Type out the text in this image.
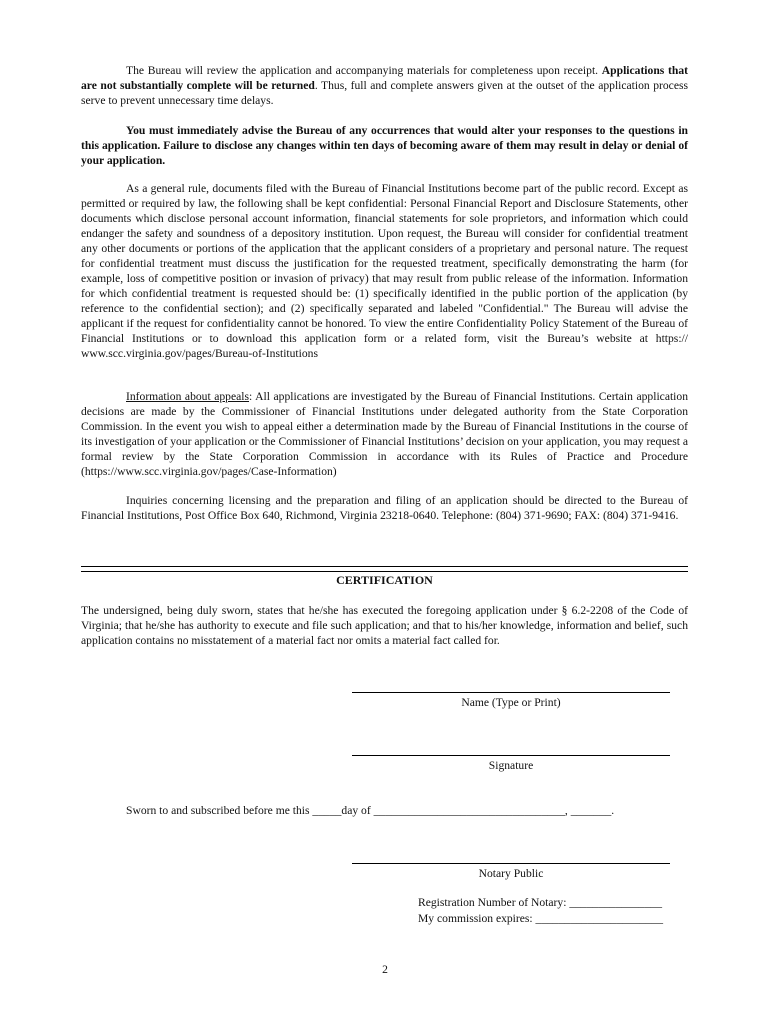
The Bureau will review the application and accompanying materials for completeness upon receipt. Applications that are not substantially complete will be returned. Thus, full and complete answers given at the outset of the application process serve to prevent unnecessary time delays.

You must immediately advise the Bureau of any occurrences that would alter your responses to the questions in this application. Failure to disclose any changes within ten days of becoming aware of them may result in delay or denial of your application.

As a general rule, documents filed with the Bureau of Financial Institutions become part of the public record. Except as permitted or required by law, the following shall be kept confidential: Personal Financial Report and Disclosure Statements, other documents which disclose personal account information, financial statements for sole proprietors, and information which could endanger the safety and soundness of a depository institution. Upon request, the Bureau will consider for confidential treatment any other documents or portions of the application that the applicant considers of a proprietary and personal nature. The request for confidential treatment must discuss the justification for the requested treatment, specifically demonstrating the harm (for example, loss of competitive position or invasion of privacy) that may result from public release of the information. Information for which confidential treatment is requested should be: (1) specifically identified in the public portion of the application (by reference to the confidential section); and (2) specifically separated and labeled "Confidential." The Bureau will advise the applicant if the request for confidentiality cannot be honored. To view the entire Confidentiality Policy Statement of the Bureau of Financial Institutions or to download this application form or a related form, visit the Bureau’s website at https:// www.scc.virginia.gov/pages/Bureau-of-Institutions

Information about appeals: All applications are investigated by the Bureau of Financial Institutions. Certain application decisions are made by the Commissioner of Financial Institutions under delegated authority from the State Corporation Commission. In the event you wish to appeal either a determination made by the Bureau of Financial Institutions in the course of its investigation of your application or the Commissioner of Financial Institutions’ decision on your application, you may request a formal review by the State Corporation Commission in accordance with its Rules of Practice and Procedure (https://www.scc.virginia.gov/pages/Case-Information)

Inquiries concerning licensing and the preparation and filing of an application should be directed to the Bureau of Financial Institutions, Post Office Box 640, Richmond, Virginia 23218-0640. Telephone: (804) 371-9690; FAX: (804) 371-9416.

CERTIFICATION

The undersigned, being duly sworn, states that he/she has executed the foregoing application under § 6.2-2208 of the Code of Virginia; that he/she has authority to execute and file such application; and that to his/her knowledge, information and belief, such application contains no misstatement of a material fact nor omits a material fact called for.

Name (Type or Print)
Signature
Sworn to and subscribed before me this _____day of _________________________________, _______.
Notary Public
Registration Number of Notary: ________________
My commission expires: ______________________
2
